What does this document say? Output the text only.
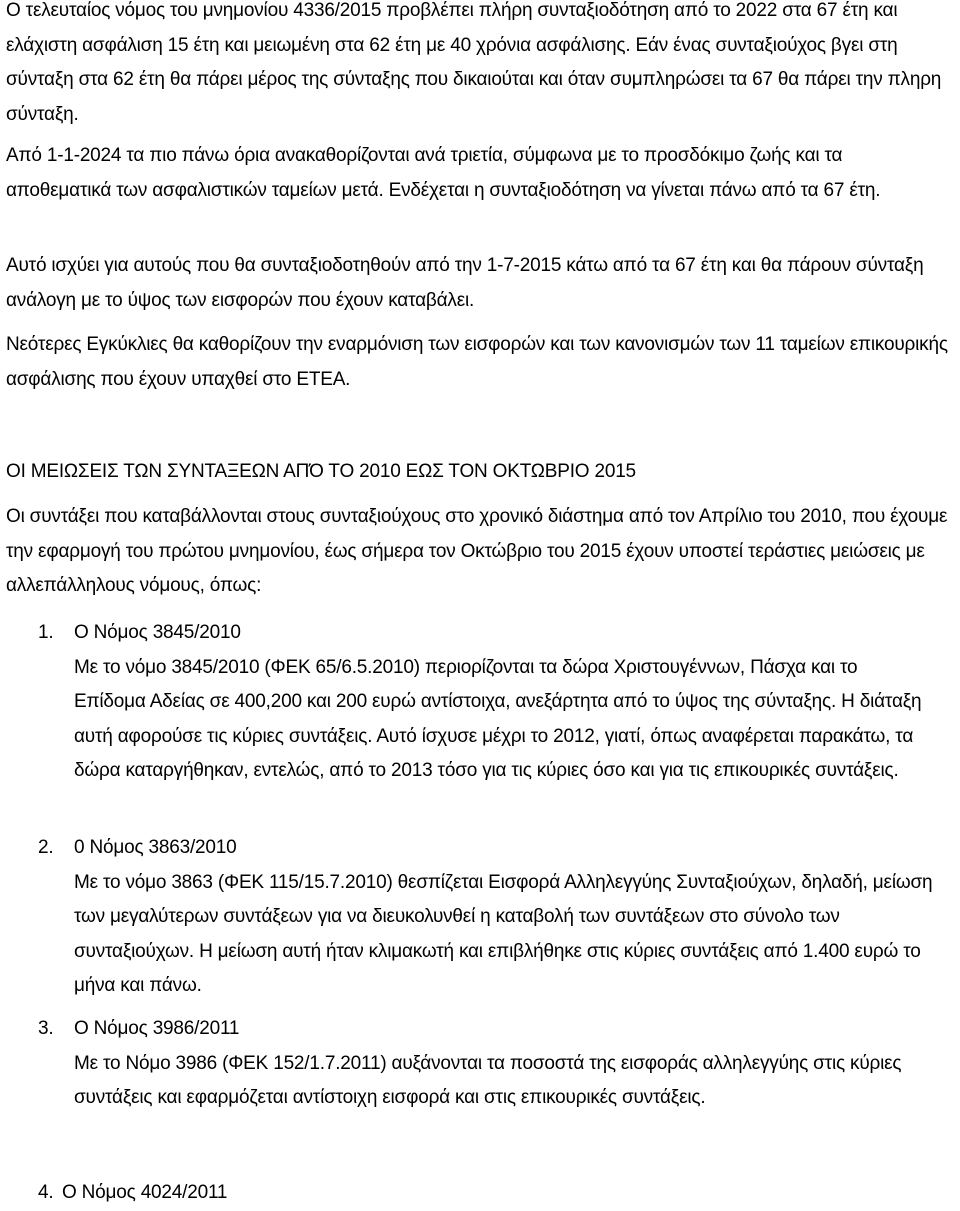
Ο τελευταίος νόμος του μνημονίου 4336/2015 προβλέπει πλήρη συνταξιοδότηση από το 2022 στα 67 έτη και ελάχιστη ασφάλιση 15 έτη και μειωμένη στα 62 έτη με 40 χρόνια ασφάλισης. Εάν ένας συνταξιούχος βγει στη σύνταξη στα 62 έτη θα πάρει μέρος της σύνταξης που δικαιούται και όταν συμπληρώσει τα 67 θα πάρει την πληρη σύνταξη.

Από 1-1-2024 τα πιο πάνω όρια ανακαθορίζονται ανά τριετία, σύμφωνα με το προσδόκιμο ζωής και τα αποθεματικά των ασφαλιστικών ταμείων μετά. Ενδέχεται η συνταξιοδότηση να γίνεται πάνω από τα 67 έτη.

Αυτό ισχύει για αυτούς που θα συνταξιοδοτηθούν από την 1-7-2015 κάτω από τα 67 έτη και θα πάρουν σύνταξη ανάλογη με το ύψος των εισφορών που έχουν καταβάλει.

Νεότερες Εγκύκλιες θα καθορίζουν την εναρμόνιση των εισφορών και των κανονισμών των 11 ταμείων επικουρικής ασφάλισης που έχουν υπαχθεί στο ΕΤΕΑ.

ΟΙ ΜΕΙΩΣΕΙΣ ΤΩΝ ΣΥΝΤΑΞΕΩΝ ΑΠΌ ΤΟ 2010 ΕΩΣ ΤΟΝ ΟΚΤΩΒΡΙΟ 2015

Οι συντάξει που καταβάλλονται στους συνταξιούχους στο χρονικό διάστημα από τον Απρίλιο του 2010, που έχουμε την εφαρμογή του πρώτου μνημονίου, έως σήμερα τον Οκτώβριο του 2015 έχουν υποστεί τεράστιες μειώσεις με αλλεπάλληλους νόμους, όπως:

1.	Ο Νόμος 3845/2010

Με το νόμο 3845/2010 (ΦΕΚ 65/6.5.2010) περιορίζονται τα δώρα Χριστουγέννων, Πάσχα και το Επίδομα Αδείας σε 400,200 και 200 ευρώ αντίστοιχα, ανεξάρτητα από το ύψος της σύνταξης. Η διάταξη αυτή αφορούσε τις κύριες συντάξεις. Αυτό ίσχυσε μέχρι το 2012, γιατί, όπως αναφέρεται παρακάτω, τα δώρα καταργήθηκαν, εντελώς, από το 2013 τόσο για τις κύριες όσο και για τις επικουρικές συντάξεις.

2.	0 Νόμος 3863/2010

Με το νόμο 3863 (ΦΕΚ 115/15.7.2010) θεσπίζεται Εισφορά Αλληλεγγύης Συνταξιούχων, δηλαδή, μείωση των μεγαλύτερων συντάξεων για να διευκολυνθεί η καταβολή των συντάξεων στο σύνολο των συνταξιούχων. Η μείωση αυτή ήταν κλιμακωτή και επιβλήθηκε στις κύριες συντάξεις από 1.400 ευρώ το μήνα και πάνω.

3.	Ο Νόμος 3986/2011

Με το Νόμο 3986 (ΦΕΚ 152/1.7.2011) αυξάνονται τα ποσοστά της εισφοράς αλληλεγγύης στις κύριες συντάξεις και εφαρμόζεται αντίστοιχη εισφορά και στις επικουρικές συντάξεις.

4. Ο Νόμος 4024/2011
